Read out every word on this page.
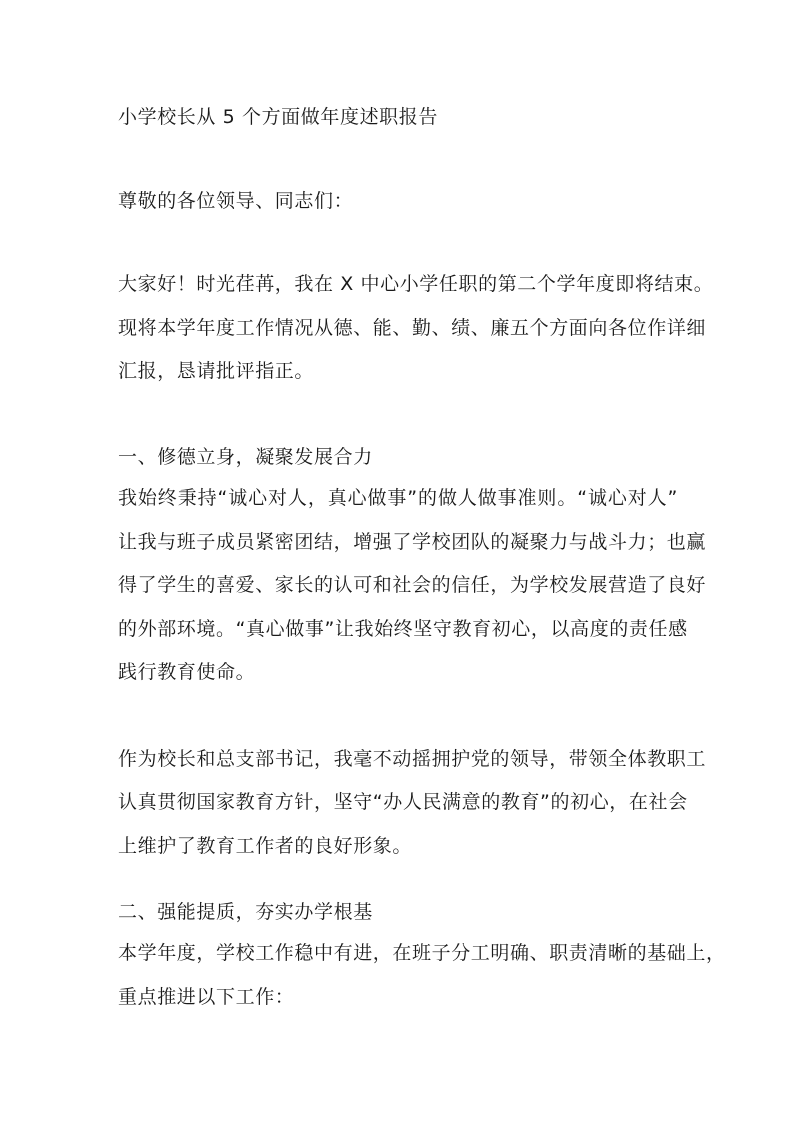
小学校长从 5 个方面做年度述职报告
尊敬的各位领导、同志们：
大家好！时光荏苒，我在 X 中心小学任职的第二个学年度即将结束。
现将本学年度工作情况从德、能、勤、绩、廉五个方面向各位作详细
汇报，恳请批评指正。
一、修德立身，凝聚发展合力
我始终秉持“诚心对人，真心做事”的做人做事准则。“诚心对人”
让我与班子成员紧密团结，增强了学校团队的凝聚力与战斗力；也赢
得了学生的喜爱、家长的认可和社会的信任，为学校发展营造了良好
的外部环境。“真心做事”让我始终坚守教育初心，以高度的责任感
践行教育使命。
作为校长和总支部书记，我毫不动摇拥护党的领导，带领全体教职工
认真贯彻国家教育方针，坚守“办人民满意的教育”的初心，在社会
上维护了教育工作者的良好形象。
二、强能提质，夯实办学根基
本学年度，学校工作稳中有进，在班子分工明确、职责清晰的基础上，
重点推进以下工作：
